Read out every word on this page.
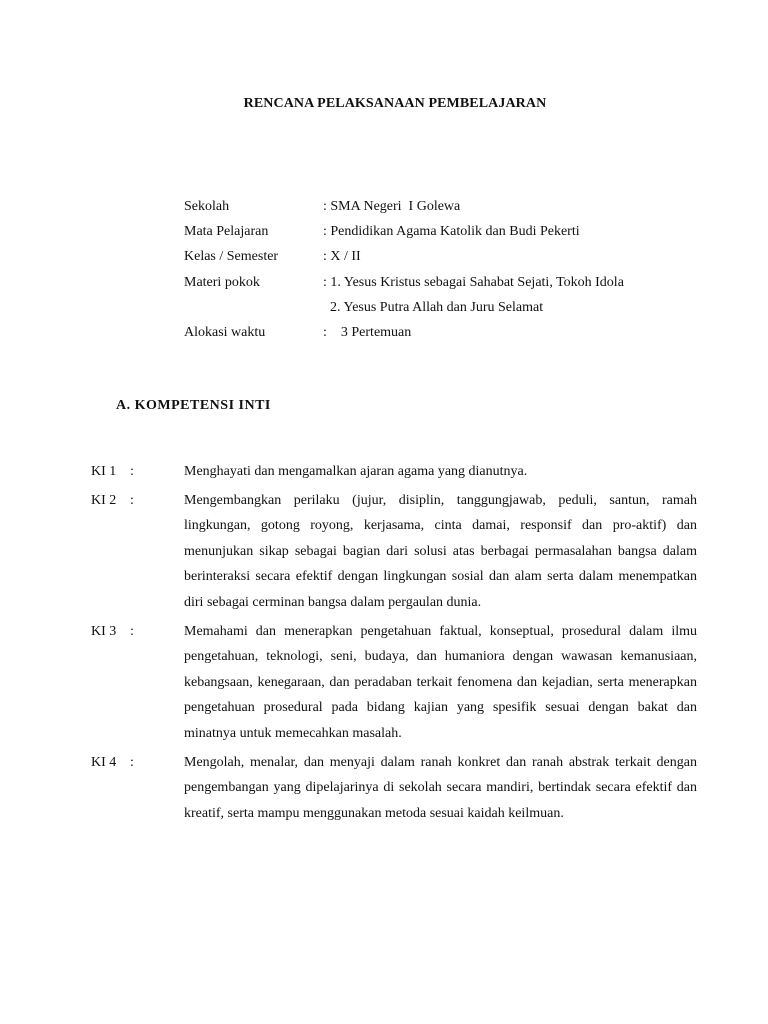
RENCANA PELAKSANAAN PEMBELAJARAN
Sekolah	: SMA Negeri  I Golewa
Mata Pelajaran	: Pendidikan Agama Katolik dan Budi Pekerti
Kelas / Semester	: X / II
Materi pokok	: 1. Yesus Kristus sebagai Sahabat Sejati, Tokoh Idola
2. Yesus Putra Allah dan Juru Selamat
Alokasi waktu	:    3 Pertemuan
A. KOMPETENSI INTI
KI 1 :	Menghayati dan mengamalkan ajaran agama yang dianutnya.
KI 2 :	Mengembangkan perilaku (jujur, disiplin, tanggungjawab, peduli, santun, ramah lingkungan, gotong royong, kerjasama, cinta damai, responsif dan pro-aktif) dan menunjukan sikap sebagai bagian dari solusi atas berbagai permasalahan bangsa dalam berinteraksi secara efektif dengan lingkungan sosial dan alam serta dalam menempatkan diri sebagai cerminan bangsa dalam pergaulan dunia.
KI 3 :	Memahami dan menerapkan pengetahuan faktual, konseptual, prosedural dalam ilmu pengetahuan, teknologi, seni, budaya, dan humaniora dengan wawasan kemanusiaan, kebangsaan, kenegaraan, dan peradaban terkait fenomena dan kejadian, serta menerapkan pengetahuan prosedural pada bidang kajian yang spesifik sesuai dengan bakat dan minatnya untuk memecahkan masalah.
KI 4 :	Mengolah, menalar, dan menyaji dalam ranah konkret dan ranah abstrak terkait dengan pengembangan yang dipelajarinya di sekolah secara mandiri, bertindak secara efektif dan kreatif, serta mampu menggunakan metoda sesuai kaidah keilmuan.
